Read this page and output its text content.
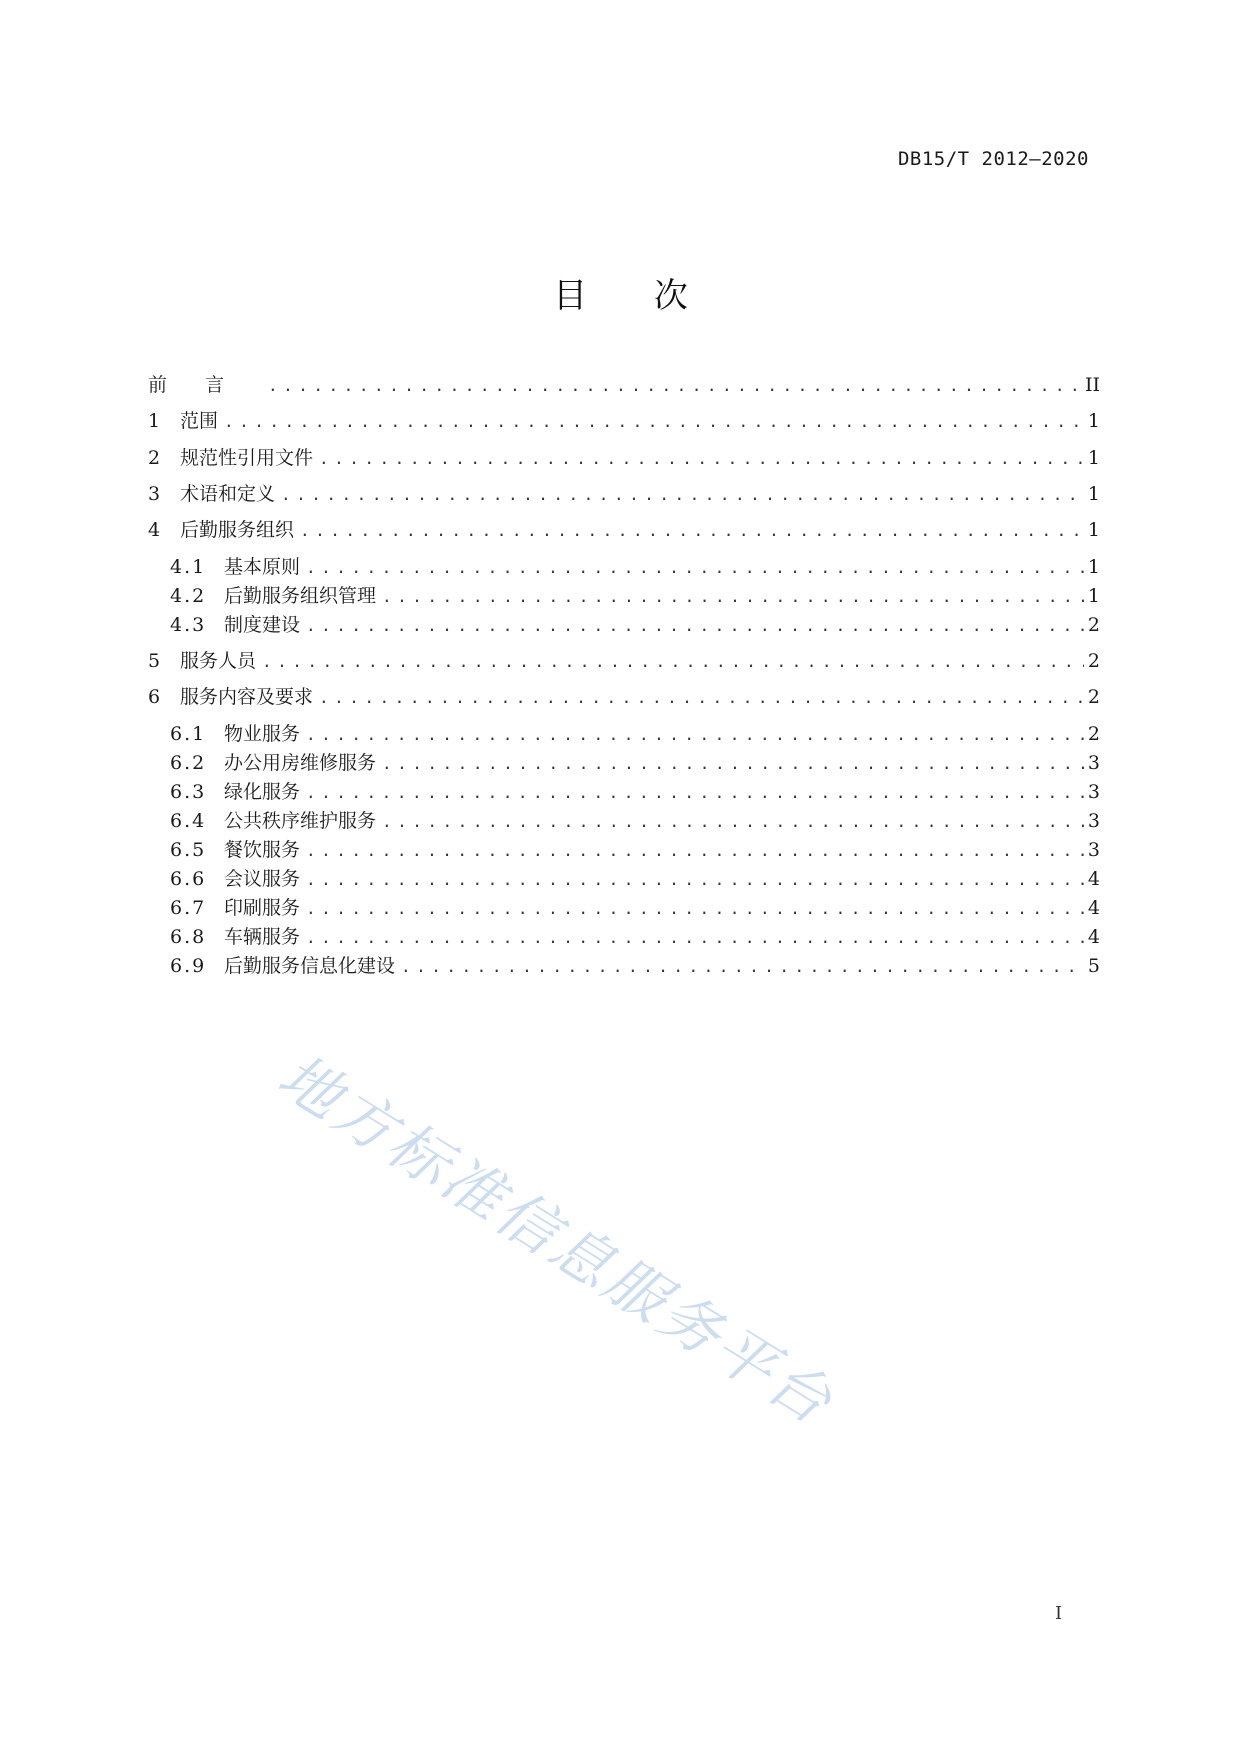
DB15/T 2012—2020
目 次
前言 .....	II
1	范围 .....	1
2	规范性引用文件 .....	1
3	术语和定义 .....	1
4	后勤服务组织 .....	1
4.1 基本原则 .....	1
4.2 后勤服务组织管理 .....	1
4.3 制度建设 .....	2
5	服务人员 .....	2
6	服务内容及要求 .....	2
6.1 物业服务 .....	2
6.2 办公用房维修服务 .....	3
6.3 绿化服务 .....	3
6.4 公共秩序维护服务 .....	3
6.5 餐饮服务 .....	3
6.6 会议服务 .....	4
6.7 印刷服务 .....	4
6.8 车辆服务 .....	4
6.9 后勤服务信息化建设 .....	5
I
地方标准信息服务平台
